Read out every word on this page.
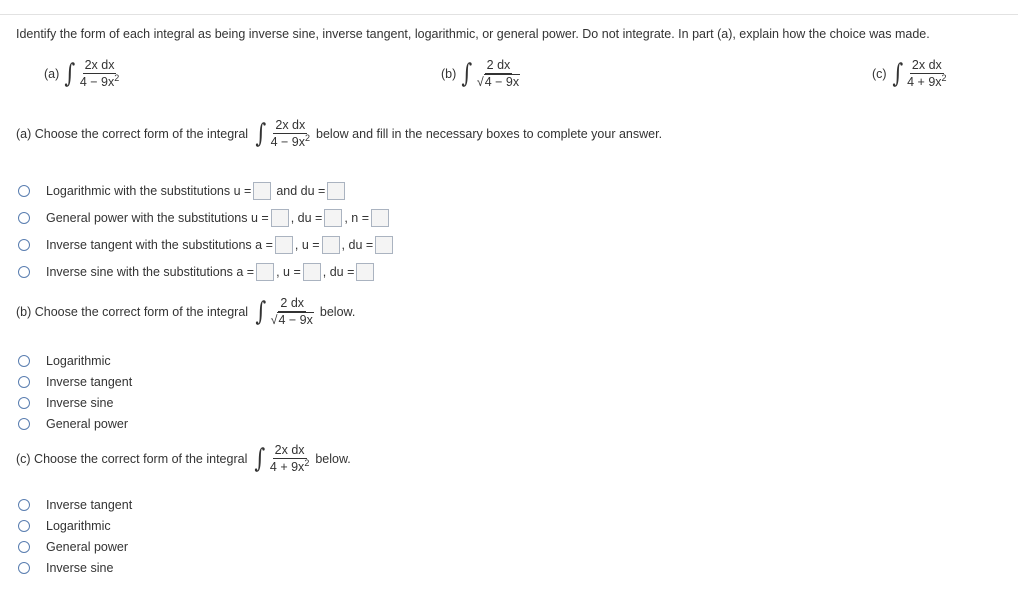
Identify the form of each integral as being inverse sine, inverse tangent, logarithmic, or general power. Do not integrate. In part (a), explain how the choice was made.
(a) ∫ $\frac{\text{2x dx}}{4 - 9x^2}$	(b) ∫ $\frac{2 dx}{√4 - 9x}$	(c) ∫ $\frac{\text{2x dx}}{4 + 9x^2}$
(a) Choose the correct form of the integral ∫ $\frac{\text{2x dx}}{4 - 9x^2}$ below and fill in the necessary boxes to complete your answer.
Logarithmic with the substitutions u = and du =
General power with the substitutions u = , du = , n =
Inverse tangent with the substitutions a = , u = , du =
Inverse sine with the substitutions a = , u = , du =
(b) Choose the correct form of the integral ∫ $\frac{2 dx}{√4 - 9x}$ below.
Logarithmic
Inverse tangent
Inverse sine
General power
(c) Choose the correct form of the integral ∫ $\frac{\text{2x dx}}{4 + 9x^2}$ below.
Inverse tangent
Logarithmic
General power
Inverse sine
